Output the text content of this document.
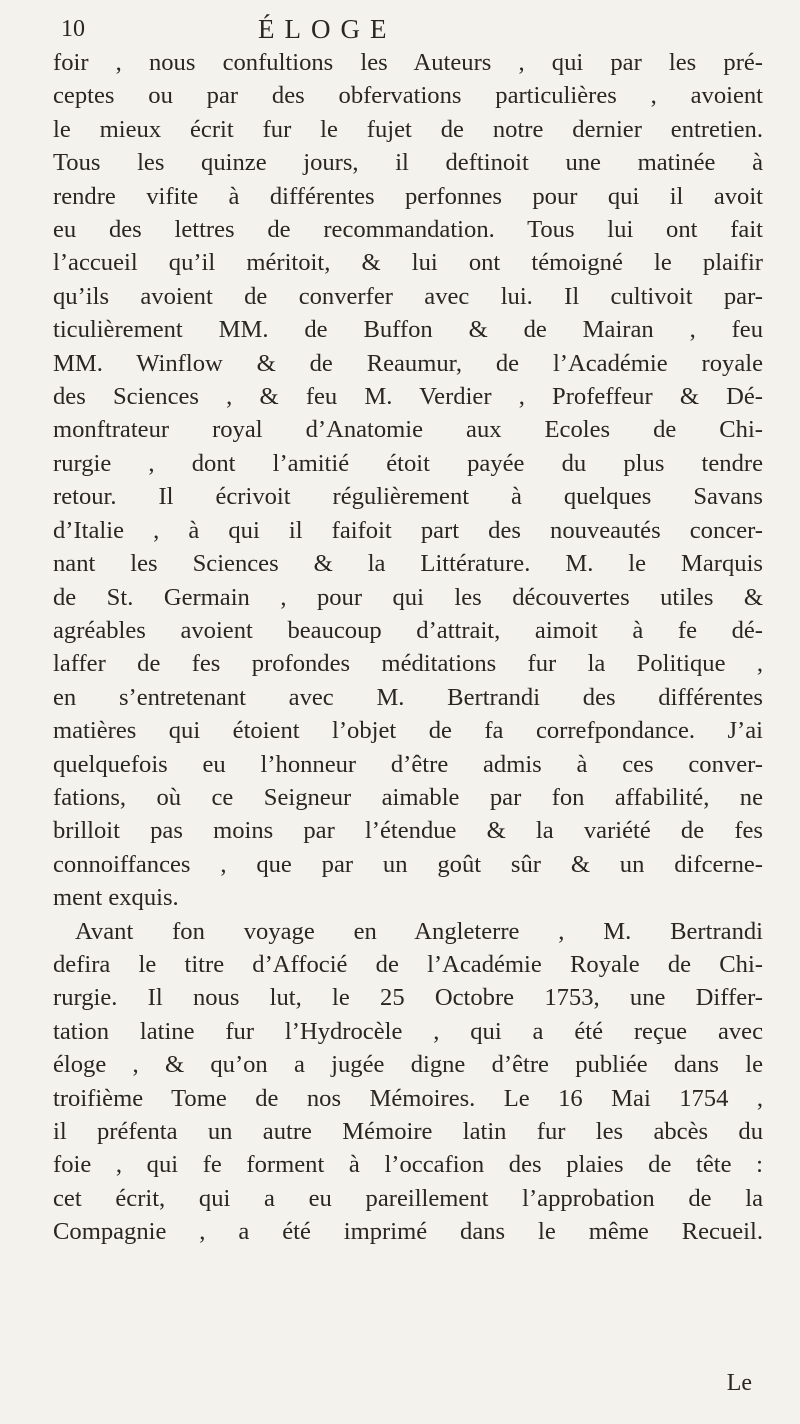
10	ÉLOGE
foir , nous confultions les Auteurs , qui par les pré-
ceptes ou par des obfervations particulières , avoient
le mieux écrit fur le fujet de notre dernier entretien.
Tous les quinze jours, il deftinoit une matinée à
rendre vifite à différentes perfonnes pour qui il avoit
eu des lettres de recommandation. Tous lui ont fait
l’accueil qu’il méritoit, & lui ont témoigné le plaifir
qu’ils avoient de converfer avec lui. Il cultivoit par-
ticulièrement MM. de Buffon & de Mairan , feu
MM. Winflow & de Reaumur, de l’Académie royale
des Sciences , & feu M. Verdier , Profeffeur & Dé-
monftrateur royal d’Anatomie aux Ecoles de Chi-
rurgie , dont l’amitié étoit payée du plus tendre
retour. Il écrivoit régulièrement à quelques Savans
d’Italie , à qui il faifoit part des nouveautés concer-
nant les Sciences & la Littérature. M. le Marquis
de St. Germain , pour qui les découvertes utiles &
agréables avoient beaucoup d’attrait, aimoit à fe dé-
laffer de fes profondes méditations fur la Politique ,
en s’entretenant avec M. Bertrandi des différentes
matières qui étoient l’objet de fa correfpondance. J’ai
quelquefois eu l’honneur d’être admis à ces conver-
fations, où ce Seigneur aimable par fon affabilité, ne
brilloit pas moins par l’étendue & la variété de fes
connoiffances , que par un goût sûr & un difcerne-
ment exquis.
Avant fon voyage en Angleterre , M. Bertrandi
defira le titre d’Affocié de l’Académie Royale de Chi-
rurgie. Il nous lut, le 25 Octobre 1753, une Differ-
tation latine fur l’Hydrocèle , qui a été reçue avec
éloge , & qu’on a jugée digne d’être publiée dans le
troifième Tome de nos Mémoires. Le 16 Mai 1754 ,
il préfenta un autre Mémoire latin fur les abcès du
foie , qui fe forment à l’occafion des plaies de tête :
cet écrit, qui a eu pareillement l’approbation de la
Compagnie , a été imprimé dans le même Recueil.
Le
